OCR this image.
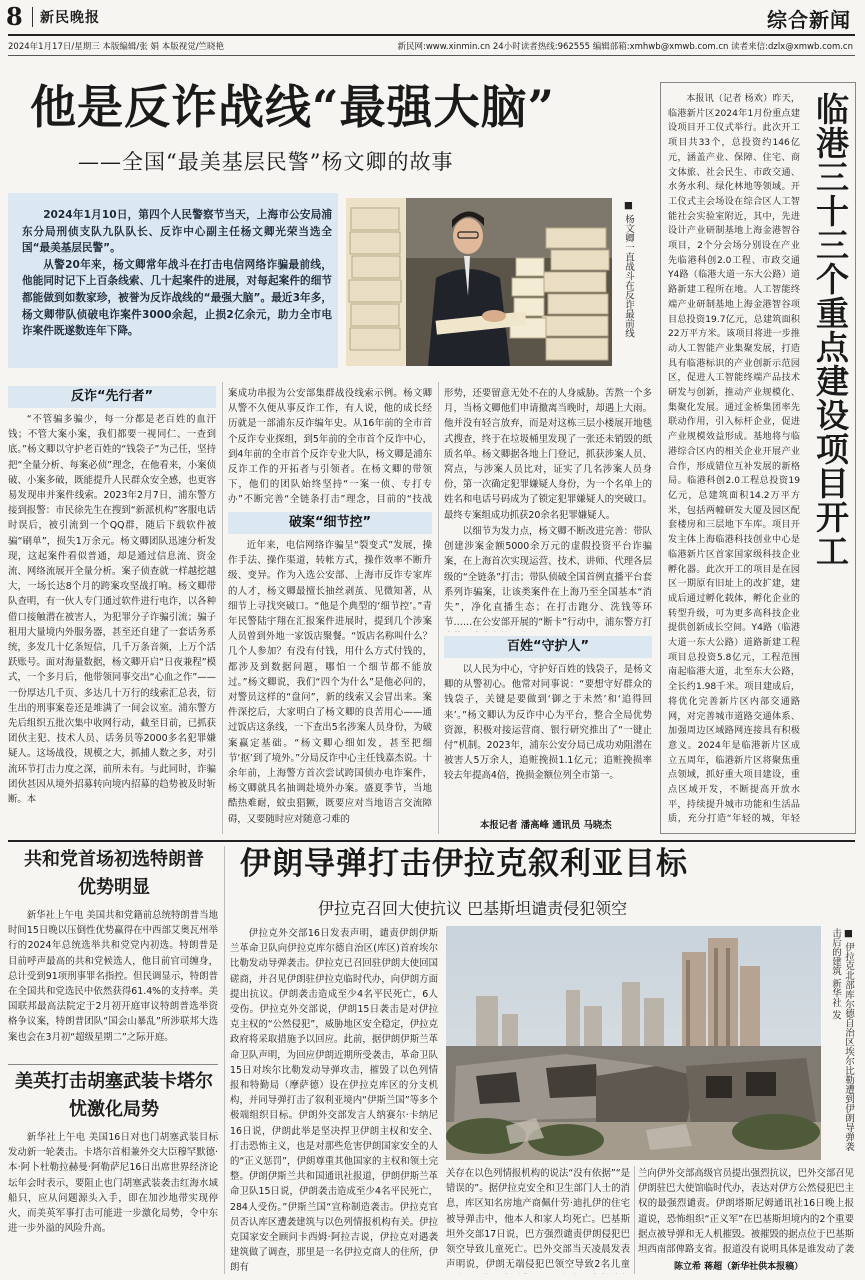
8 新民晚报	综合新闻
2024年1月17日/星期三 本版编辑/张 娟 本版视觉/竺晓艳	新民网:www.xinmin.cn 24小时读者热线:962555 编辑部箱:xmhwb@xmwb.com.cn 读者来信:dzlx@xmwb.com.cn
他是反诈战线“最强大脑”
——全国“最美基层民警”杨文卿的故事

2024年1月10日，第四个人民警察节当天，上海市公安局浦东分局刑侦支队九队队长、反诈中心副主任杨文卿光荣当选全国“最美基层民警”。

从警20年来，杨文卿常年战斗在打击电信网络诈骗最前线，他能同时记下上百条线索、几十起案件的进展，对每起案件的细节都能做到如数家珍，被誉为反诈战线的“最强大脑”。最近3年多，杨文卿带队侦破电诈案件3000余起，止损2亿余元，助力全市电诈案件既遂数连年下降。	■ 杨文卿一直战斗在反诈最前线
反诈“先行者”
“不管骗多骗少，每一分都是老百姓的血汗钱；不管大案小案，我们都要一视同仁、一查到底。”杨文卿以守护老百姓的“钱袋子”为己任，坚持把“全量分析、每案必侦”理念，在他看来，小案侦破、小案多破，既能提升人民群众安全感，也更容易发现串并案件线索。2023年2月7日，浦东警方接到报警：市民徐先生在搜到“新派机构”客服电话时误后，被引流到一个QQ群，随后下载软件被骗“刷单”，损失1万余元。杨文卿团队迅速分析发现，这起案件看似普通，却是通过信息流、资金流、网络流展开全量分析。案子侦查就一样越挖越大，一场长达8个月的跨案攻坚战打响。杨文卿带队查明，有一伙人专门通过软件进行电诈，以各种借口接触潜在被害人，为犯罪分子诈骗引流；骗子租用大量境内外服务器，甚至还自建了一套话务系统，多发几十亿条短信，几千万条音频，上万个活跃账号。面对海量数据，杨文卿开启“日夜兼程”模式，一个多月后，他带领同事交出“心血之作”——一份厚达几千页、多达几十万行的线索汇总表，衍生出的刑事案卷还是堆满了一间会议室。浦东警方先后组织五批次集中收网行动，截至目前，已抓获团伙主犯、技术人员、话务员等2000多名犯罪嫌疑人。这场战役，规模之大，抓捕人数之多，对引流环节打击力度之深，前所未有。与此同时，诈骗团伙甚因从境外招募转向境内招募的趋势被及时斩断。本
案成功串报为公安部集群战役线索示例。杨文卿从警不久便从事反诈工作，有人说，他的成长经历就是一部浦东反诈编年史。从16年前的全市首个反诈专业探组，到5年前的全市首个反诈中心，到4年前的全市首个反诈专业大队，杨文卿是浦东反诈工作的开拓者与引领者。在杨文卿的带领下，他们的团队始终坚持“一案一侦、专打专办”不断完善“全链条打击”理念，目前的“技战
破案“细节控”
近年来，电信网络诈骗呈“裂变式”发展，操作手法、操作渠道，转帐方式，操作效率不断升级、变异。作为入选公安部、上海市反诈专家库的人才，杨文卿最擅长抽丝剥茧、见微知著，从细节上寻找突破口。“他是个典型的‘细节控’。”青年民警陆宇翔在汇报案件进展时，提到几个涉案人员曾到外地一家饭店聚餐。“饭店名称叫什么？几个人参加？有没有付钱，用什么方式付钱的，都涉及到数据问题，哪怕一个细节都不能放过。”杨文卿说，我们“四个为什么”是他必问的，对警员这样的“盘问”，新的线索又会冒出来。案件深挖后，大家明白了杨文卿的良苦用心——通过饭店这条线，一下查出5名涉案人员身份，为破案赢定基础。“杨文卿心细如发，甚至把细节‘抠’到了境外。”分局反诈中心主任钱嘉杰说。十余年前，上海警方首次尝试跨国侦办电诈案件，杨文卿就具名抽调赴境外办案。盛夏季节，当地酷热难耐，蚊虫猖獗，既要应对当地语言交流障碍，又要随时应对随意刁难的
形势，还要留意无处不在的人身威胁。苦熬一个多月，当杨文卿他们申请撤离当晚时，却遇上大雨。他并没有轻言放弃，而是对这栋三层小楼展开地毯式搜查，终于在垃圾桶里发现了一张还未销毁的纸质名单。杨文卿据各地上门登记，抓获涉案人员、窝点，与涉案人员比对，证实了几名涉案人员身份，第一次确定犯罪嫌疑人身份，为一个名单上的姓名和电话号码成为了锁定犯罪嫌疑人的突破口。最终专案组成功抓获20余名犯罪嫌疑人。
以细节为发力点，杨文卿不断改进完善：带队创建涉案金额5000余万元的虚假投资平台诈骗案，在上海首次实现运营、技术、讲师、代理各层级的“全链条”打击；带队侦破全国首例直播平台套系列诈骗案，让该类案件在上海乃至全国基本“消失”，净化直播生态；在打击跑分、洗钱等环节……在公安部开展的“断卡”行动中，浦东警方打
百姓“守护人”
以人民为中心，守护好百姓的钱袋子，是杨文卿的从警初心。他常对同事说：“要想守好群众的钱袋子，关键是要做到‘御之于未然’和‘追得回来’。”杨文卿认为反诈中心为平台，整合全局优势资源，积极对接运营商、银行研究推出了“一键止付”机制。2023年，浦东公安分局已成功劝阻潜在被害人5万余人，追赃挽损1.1亿元；追赃挽损率较去年提高4倍，挽损金额位列全市第一。
本报记者 潘高峰 通讯员 马晓杰
本报讯（记者 杨欢）昨天，临港新片区2024年1月份重点建设项目开工仪式举行。此次开工项目共33个，总投资约146亿元，涵盖产业、保障、住宅、商文体旅、社会民生、市政交通、水务水利、绿化林地等领域。开工仪式主会场设在综合区人工智能社会实验室附近，其中，先进设计产业研制基地上海金港智谷项目，2个分会场分别设在产业先临港科创2.0工程、市政交通 Y4路（临港大道一东大公路）道路新建工程所在地。人工智能终端产业研制基地上海金港智谷项目总投资19.7亿元，总建筑面积22万平方米。该项目将进一步推动人工智能产业集聚发展，打造具有临港标识的产业创新示范园区，促进人工智能终端产品技术研发与创新，推动产业规模化、集聚化发展。通过金桥集团率先联动作用，引入标杆企业，促进产业规模效益形成。基地将与临港综合区内的相关企业开展产业合作，形成错位互补发展的新格局。临港科创2.0工程总投资19亿元，总建筑面积14.2万平方米，包括两幢研发大厦及园区配套楼房和三层地下车库。项目开发主体上海临港科技创业中心是临港新片区首家国家级科技企业孵化器。此次开工的项目是在园区一期原有旧址上的改扩建，建成后通过孵化载体，孵化企业的转型升级，可为更多高科技企业提供创新成长空间。Y4路（临港大道一东大公路）道路新建工程项目总投资5.8亿元，工程范围南起临港大道，北至东大公路，全长约1.98千米。项目建成后，将优化完善新片区内部交通路网，对完善城市道路交通体系、加强周边区域路网连接具有积极意义。2024年是临港新片区成立五周年，临港新片区将聚焦重点领域，抓好重大项目建设，重点区域开发，不断提高开放水平，持续提升城市功能和生活品质，充分打造“年轻的城，年轻
临港三十三个重点建设项目开工
共和党首场初选特朗普优势明显
新华社上午电 美国共和党籍前总统特朗普当地时间15日晚以压倒性优势赢得在中西部艾奥瓦州举行的2024年总统选举共和党党内初选。特朗普是目前呼声最高的共和党候选人，他目前官司缠身，总计受到91项刑事罪名指控。但民调显示，特朗普在全国共和党选民中依然获得61.4%的支持率。美国联邦最高法院定于2月初开庭审议特朗普选举资格争议案，特朗普团队“国会山暴乱”所涉联邦大选案也会在3月初“超级星期二”之际开庭。
美英打击胡塞武装卡塔尔忧激化局势
新华社上午电 美国16日对也门胡塞武装目标发动新一轮袭击。卡塔尔首相兼外交大臣穆罕默德·本·阿卜杜勒拉赫曼·阿勒萨尼16日出席世界经济论坛年会时表示，要阻止也门胡塞武装袭击红海水域船只，应从问题源头入手，即在加沙地带实现停火，而美英军事打击可能进一步激化局势，令中东进一步外溢的风险升高。
伊朗导弹打击伊拉克叙利亚目标
伊拉克召回大使抗议 巴基斯坦谴责侵犯领空
伊拉克外交部16日发表声明，谴责伊朗伊斯兰革命卫队向伊拉克库尔德自治区(库区)首府埃尔比勒发动导弹袭击。伊拉克已召回驻伊朗大使回国磋商，并召见伊朗驻伊拉克临时代办，向伊朗方面提出抗议。伊朗袭击造成至少4名平民死亡，6人受伤。伊拉克外交部说，伊朗15日袭击是对伊拉克主权的“公然侵犯”，威胁地区安全稳定，伊拉克政府将采取措施予以回应。此前，据伊朗伊斯兰革命卫队声明，为回应伊朗近期所受袭击，革命卫队15日对埃尔比勒发动导弹攻击，摧毁了以色列情报和特勤局（摩萨德）设在伊拉克库区的分支机构，并同导弹打击了叙利亚境内“伊斯兰国”等多个极端组织目标。伊朗外交部发言人纳赛尔·卡纳尼16日说，伊朗此举是坚决捍卫伊朗主权和安全、打击恐怖主义，也是对那些危害伊朗国家安全的人的“正义惩罚”，伊朗尊重其他国家的主权和领土完整。伊朗伊斯兰共和国通讯社报道，伊朗伊斯兰革命卫队15日说，伊朗袭击造成至少4名平民死亡，284人受伤。”伊斯兰国“宣称制造袭击。伊拉克官员否认库区遭袭建筑与以色列情报机构有关。伊拉克国家安全顾问卡西姆·阿拉吉说，伊拉克对遇袭建筑做了调查，那里是一名伊拉克商人的住所，伊朗有
■ 伊拉克北部库尔德自治区埃尔比勒遭到伊朗导弹袭击后的建筑 新华社 发
关存在以色列情报机构的说法“没有依据”“是错误的”。据伊拉克安全和卫生部门人士的消息，库区知名房地产商佩什劳·迪扎伊的住宅被导弹击中，他本人和家人均死亡。巴基斯坦外交部17日说，巴方强烈谴责伊朗侵犯巴领空导致儿童死亡。巴外交部当天凌晨发表声明说，伊朗无端侵犯巴领空导致2名儿童
兰向伊外交部高级官员提出强烈抗议，巴外交部召见伊朗驻巴大使馆临时代办，表达对伊方公然侵犯巴主权的最强烈谴责。伊朗塔斯尼姆通讯社16日晚上报道说，恐怖组织“正义军”在巴基斯坦境内的2个重要据点被导弹和无人机摧毁。被摧毁的据点位于巴基斯坦西南部俾路支省。报道没有说明具体是谁发动了袭
陈立希 蒋超（新华社供本报稿）
